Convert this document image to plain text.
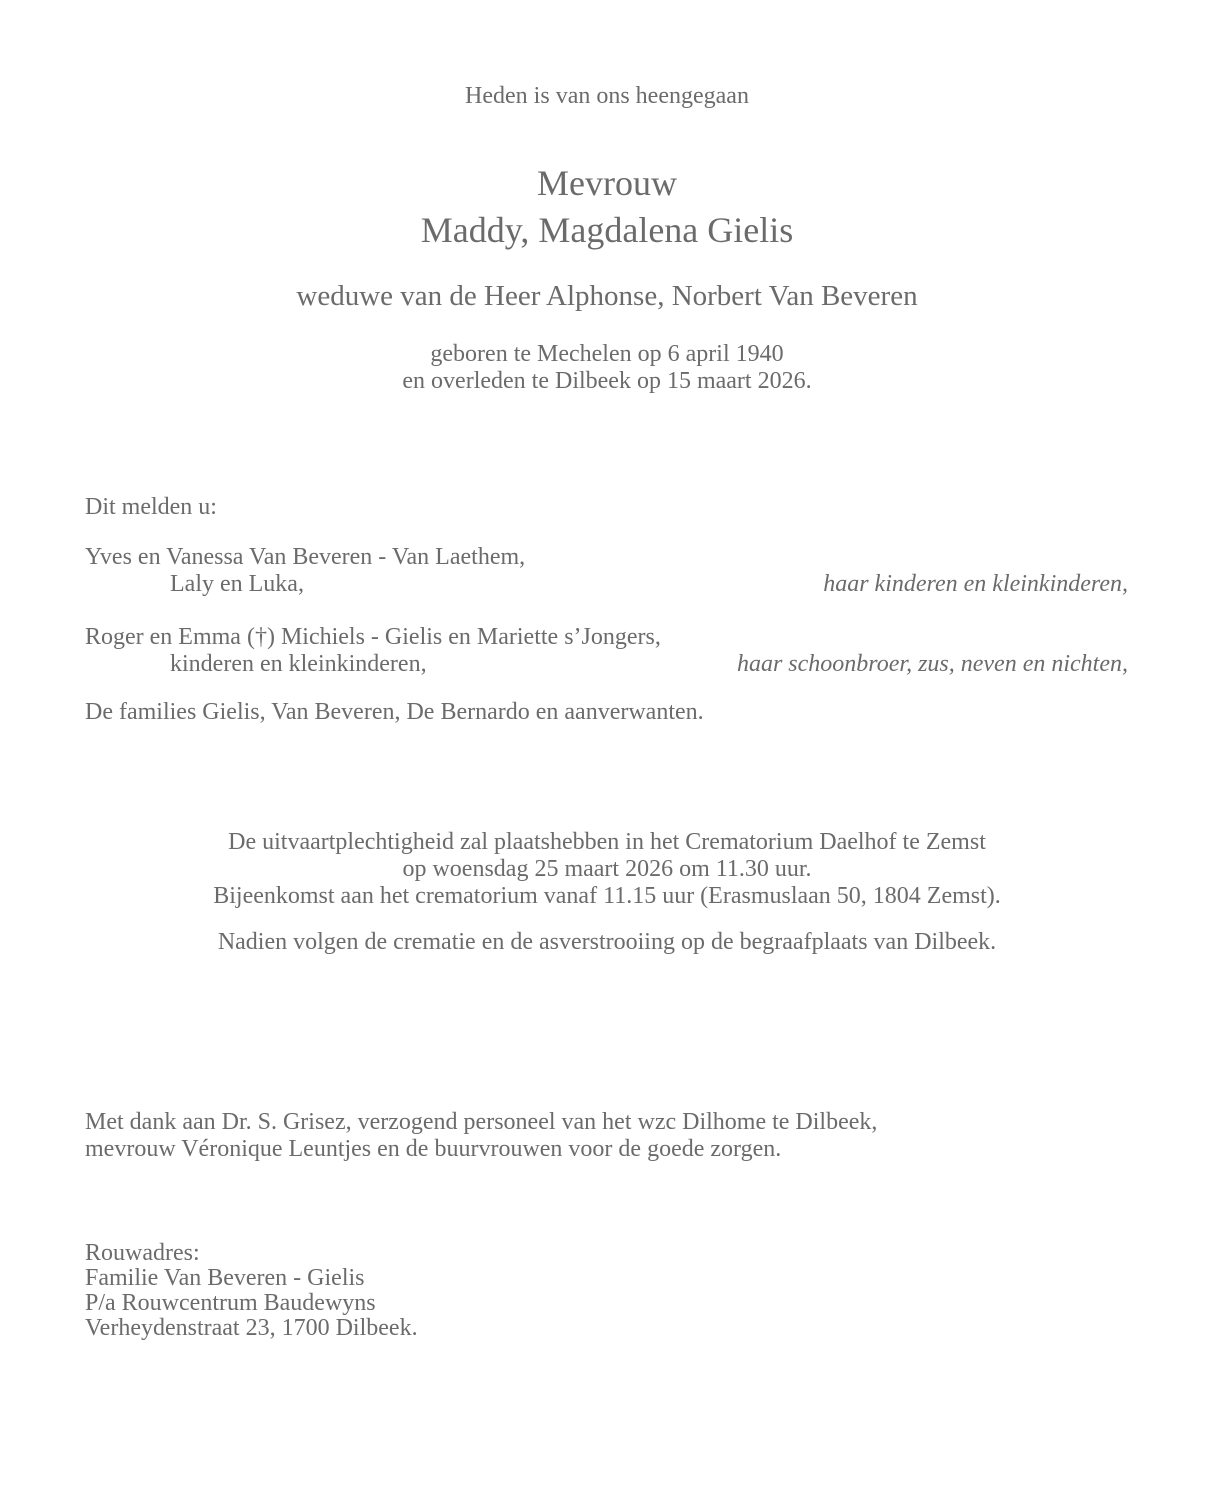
Heden is van ons heengegaan
Mevrouw
Maddy, Magdalena Gielis
weduwe van de Heer Alphonse, Norbert Van Beveren
geboren te Mechelen op 6 april 1940
en overleden te Dilbeek op 15 maart 2026.
Dit melden u:
Yves en Vanessa Van Beveren - Van Laethem,
Laly en Luka,	haar kinderen en kleinkinderen,
Roger en Emma (†) Michiels - Gielis en Mariette s’Jongers,
kinderen en kleinkinderen,	haar schoonbroer, zus, neven en nichten,
De families Gielis, Van Beveren, De Bernardo en aanverwanten.
De uitvaartplechtigheid zal plaatshebben in het Crematorium Daelhof te Zemst
op woensdag 25 maart 2026 om 11.30 uur.
Bijeenkomst aan het crematorium vanaf 11.15 uur (Erasmuslaan 50, 1804 Zemst).
Nadien volgen de crematie en de asverstrooiing op de begraafplaats van Dilbeek.
Met dank aan Dr. S. Grisez, verzogend personeel van het wzc Dilhome te Dilbeek,
mevrouw Véronique Leuntjes en de buurvrouwen voor de goede zorgen.
Rouwadres:
Familie Van Beveren - Gielis
P/a Rouwcentrum Baudewyns
Verheydenstraat 23, 1700 Dilbeek.
